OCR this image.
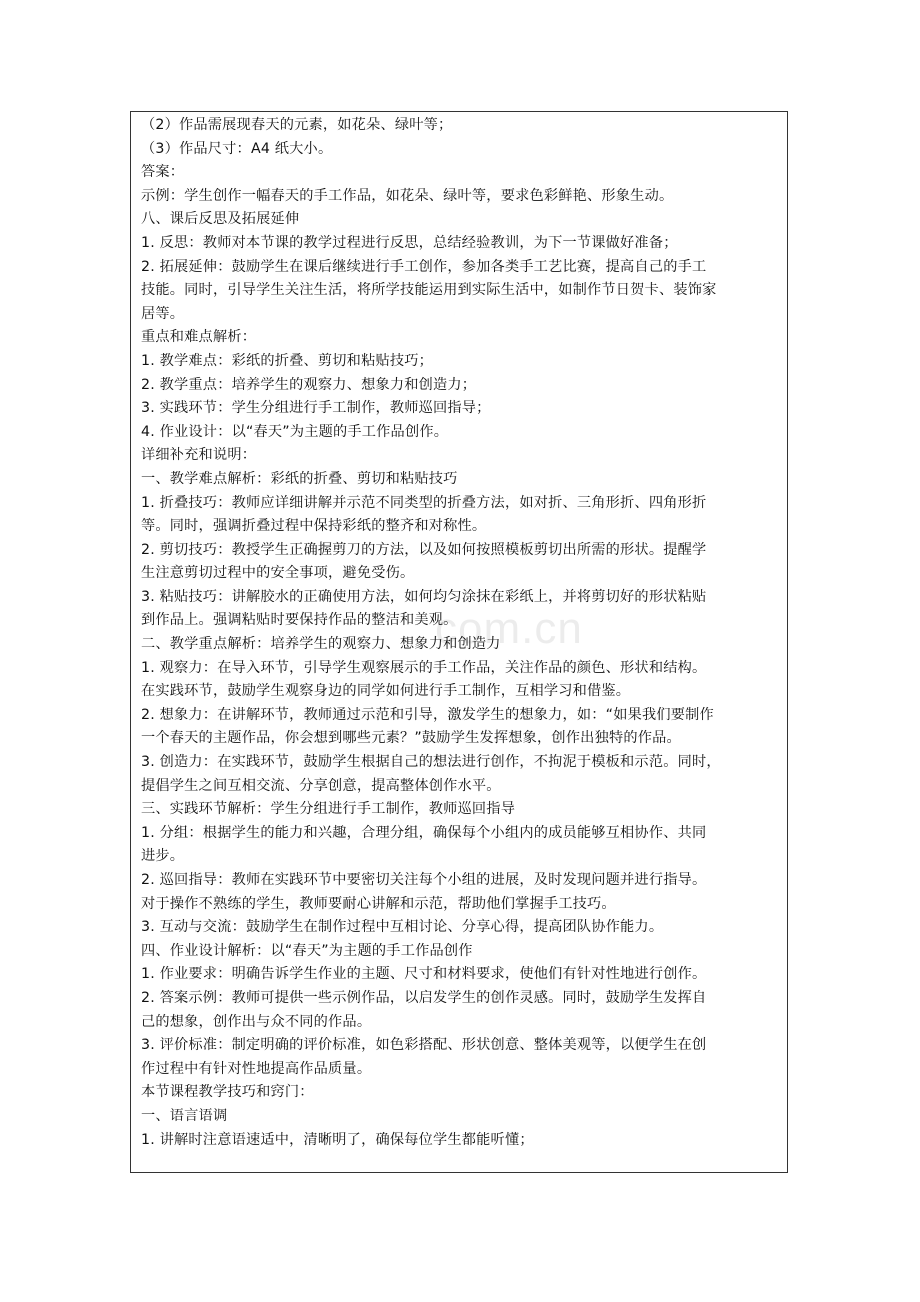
（2）作品需展现春天的元素，如花朵、绿叶等；
（3）作品尺寸：A4 纸大小。
答案：
示例：学生创作一幅春天的手工作品，如花朵、绿叶等，要求色彩鲜艳、形象生动。
八、课后反思及拓展延伸
1. 反思：教师对本节课的教学过程进行反思，总结经验教训，为下一节课做好准备；
2. 拓展延伸：鼓励学生在课后继续进行手工创作，参加各类手工艺比赛，提高自己的手工
技能。同时，引导学生关注生活，将所学技能运用到实际生活中，如制作节日贺卡、装饰家
居等。
重点和难点解析：
1. 教学难点：彩纸的折叠、剪切和粘贴技巧；
2. 教学重点：培养学生的观察力、想象力和创造力；
3. 实践环节：学生分组进行手工制作，教师巡回指导；
4. 作业设计：以“春天”为主题的手工作品创作。
详细补充和说明：
一、教学难点解析：彩纸的折叠、剪切和粘贴技巧
1. 折叠技巧：教师应详细讲解并示范不同类型的折叠方法，如对折、三角形折、四角形折
等。同时，强调折叠过程中保持彩纸的整齐和对称性。
2. 剪切技巧：教授学生正确握剪刀的方法，以及如何按照模板剪切出所需的形状。提醒学
生注意剪切过程中的安全事项，避免受伤。
3. 粘贴技巧：讲解胶水的正确使用方法，如何均匀涂抹在彩纸上，并将剪切好的形状粘贴
到作品上。强调粘贴时要保持作品的整洁和美观。
二、教学重点解析：培养学生的观察力、想象力和创造力
1. 观察力：在导入环节，引导学生观察展示的手工作品，关注作品的颜色、形状和结构。
在实践环节，鼓励学生观察身边的同学如何进行手工制作，互相学习和借鉴。
2. 想象力：在讲解环节，教师通过示范和引导，激发学生的想象力，如：“如果我们要制作
一个春天的主题作品，你会想到哪些元素？”鼓励学生发挥想象，创作出独特的作品。
3. 创造力：在实践环节，鼓励学生根据自己的想法进行创作，不拘泥于模板和示范。同时，
提倡学生之间互相交流、分享创意，提高整体创作水平。
三、实践环节解析：学生分组进行手工制作，教师巡回指导
1. 分组：根据学生的能力和兴趣，合理分组，确保每个小组内的成员能够互相协作、共同
进步。
2. 巡回指导：教师在实践环节中要密切关注每个小组的进展，及时发现问题并进行指导。
对于操作不熟练的学生，教师要耐心讲解和示范，帮助他们掌握手工技巧。
3. 互动与交流：鼓励学生在制作过程中互相讨论、分享心得，提高团队协作能力。
四、作业设计解析：以“春天”为主题的手工作品创作
1. 作业要求：明确告诉学生作业的主题、尺寸和材料要求，使他们有针对性地进行创作。
2. 答案示例：教师可提供一些示例作品，以启发学生的创作灵感。同时，鼓励学生发挥自
己的想象，创作出与众不同的作品。
3. 评价标准：制定明确的评价标准，如色彩搭配、形状创意、整体美观等，以便学生在创
作过程中有针对性地提高作品质量。
本节课程教学技巧和窍门：
一、语言语调
1. 讲解时注意语速适中，清晰明了，确保每位学生都能听懂；
com.cn
